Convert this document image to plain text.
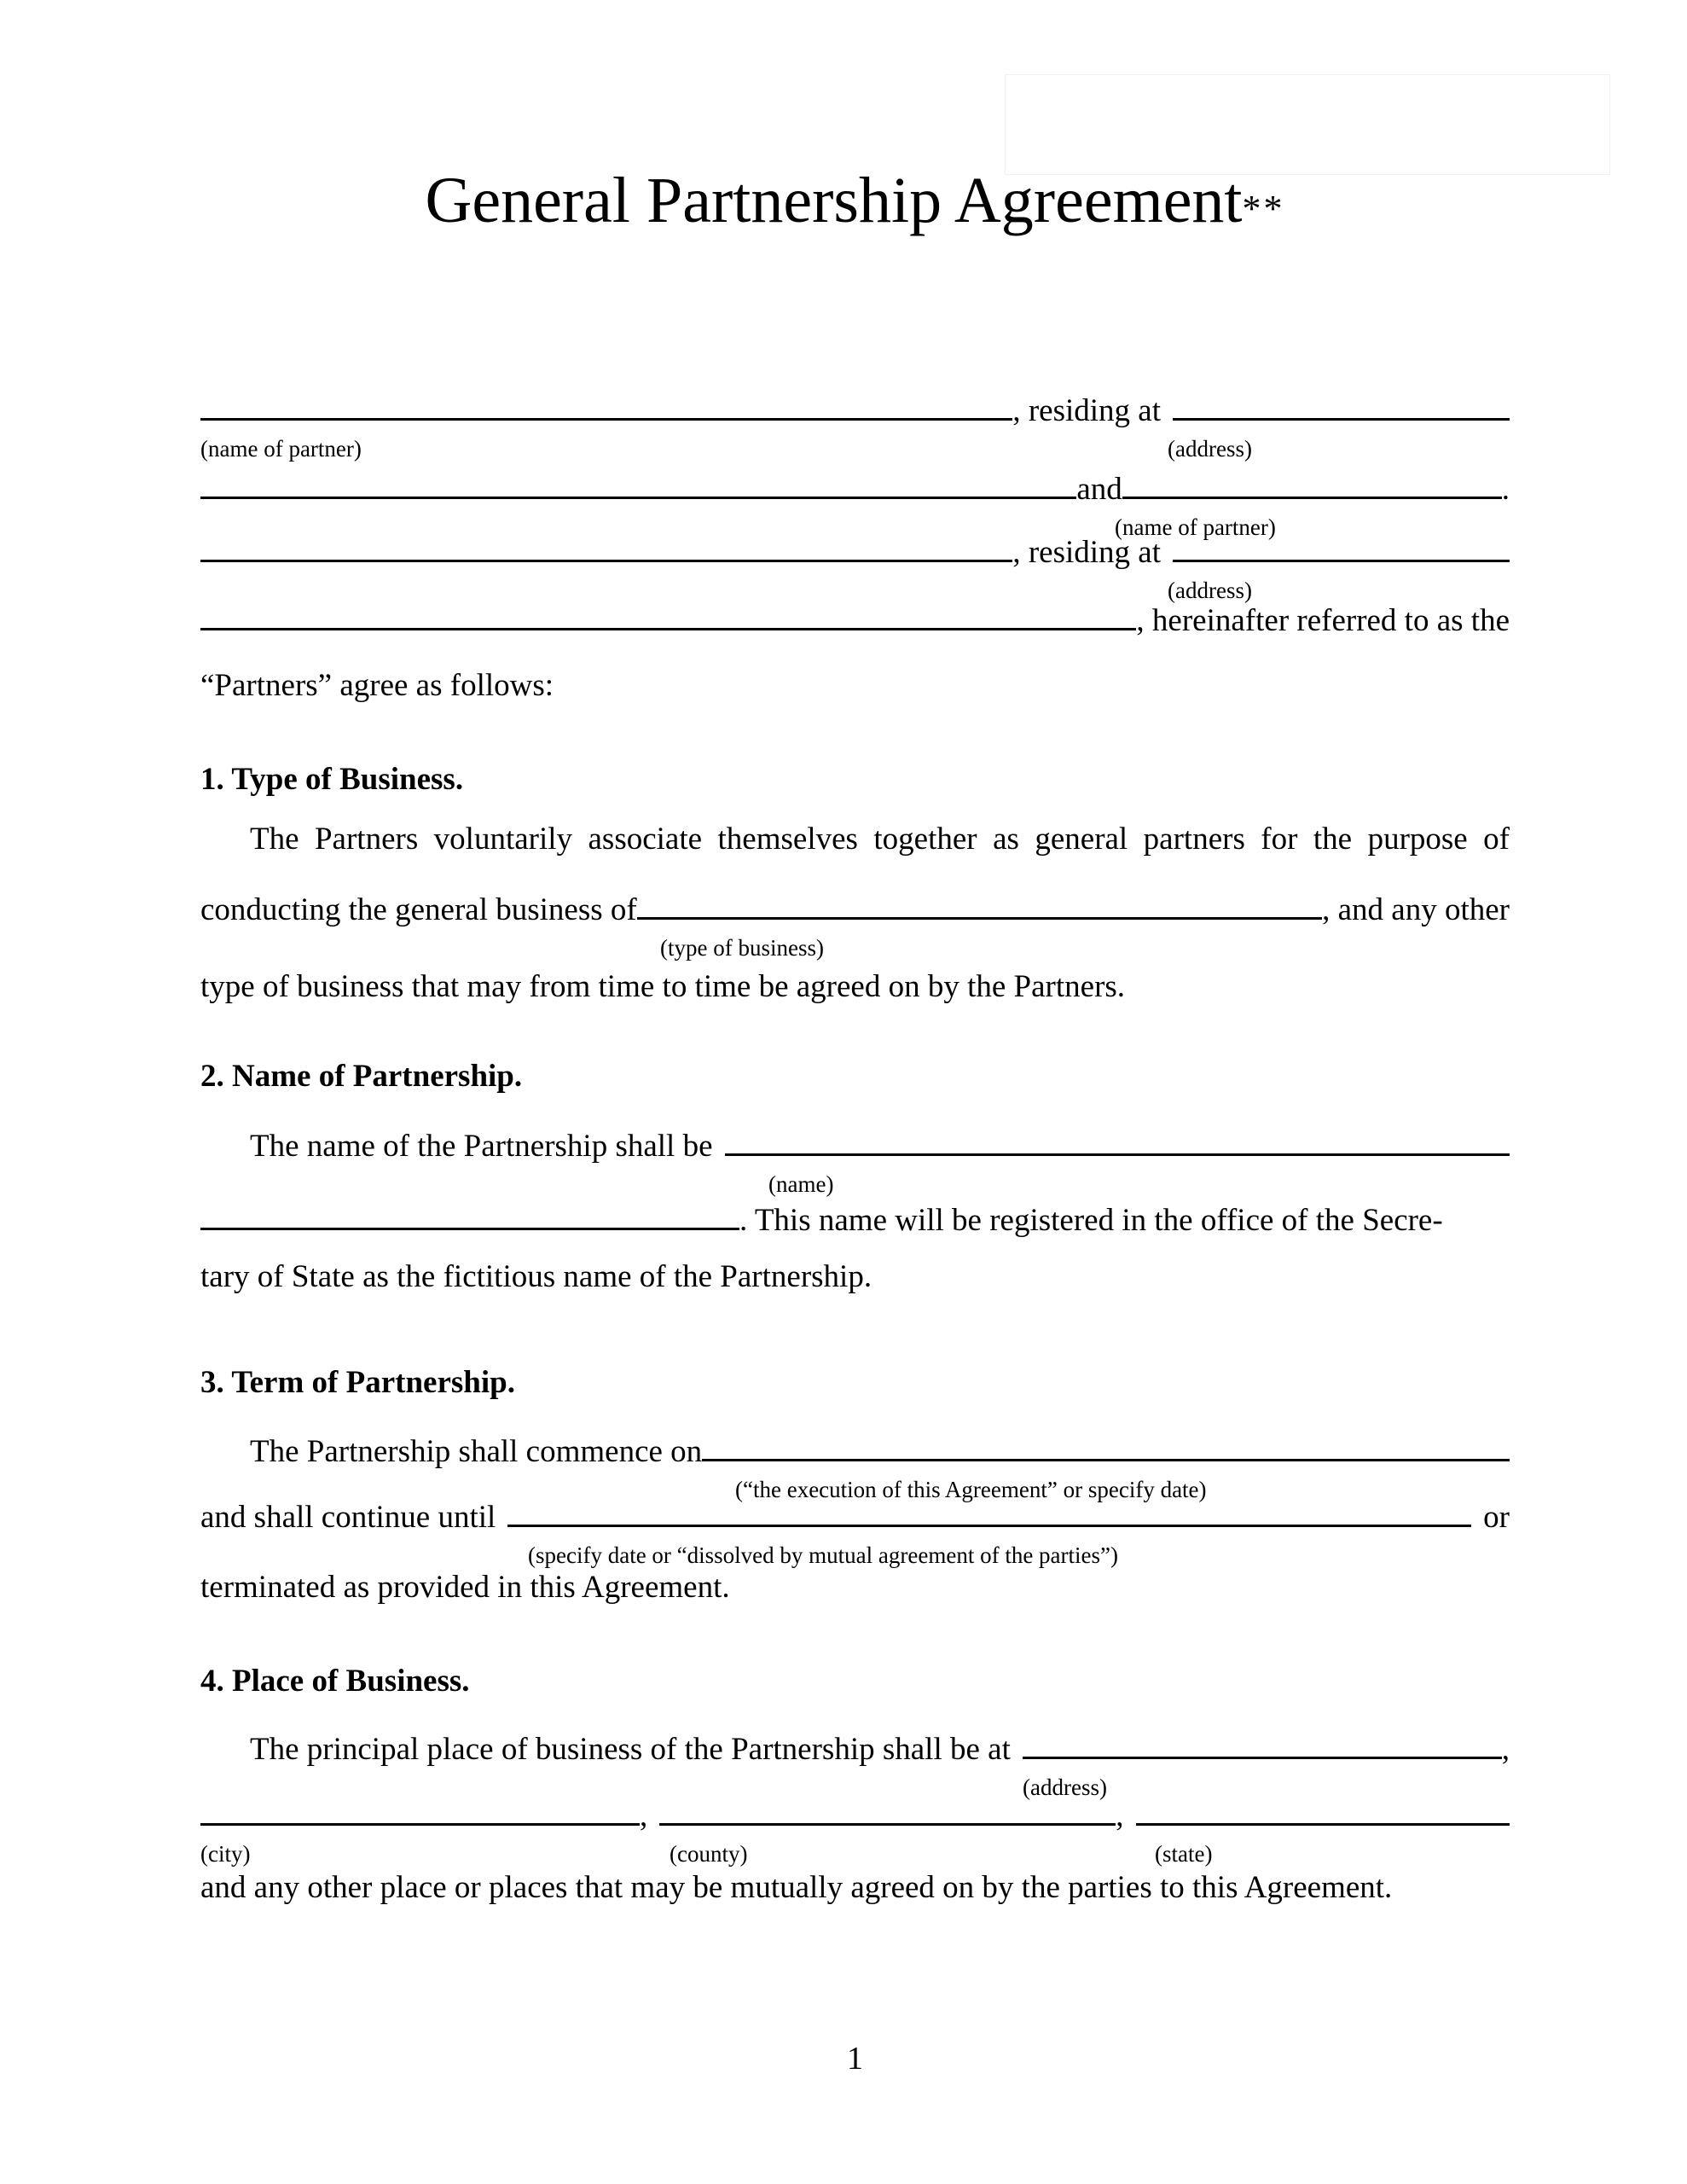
General Partnership Agreement**
, residing at
(name of partner)	(address)
and	.
(name of partner)
, residing at
(address)
, hereinafter referred to as the
“Partners” agree as follows:
1. Type of Business.
The Partners voluntarily associate themselves together as general partners for the purpose of
conducting the general business of	, and any other
(type of business)
type of business that may from time to time be agreed on by the Partners.
2. Name of Partnership.
The name of the Partnership shall be
(name)
. This name will be registered in the office of the Secre-
tary of State as the fictitious name of the Partnership.
3. Term of Partnership.
The Partnership shall commence on
(“the execution of this Agreement” or specify date)
and shall continue until	or
(specify date or “dissolved by mutual agreement of the parties”)
terminated as provided in this Agreement.
4. Place of Business.
The principal place of business of the Partnership shall be at	,
(address)
,	,
(city)	(county)	(state)
and any other place or places that may be mutually agreed on by the parties to this Agreement.
1
